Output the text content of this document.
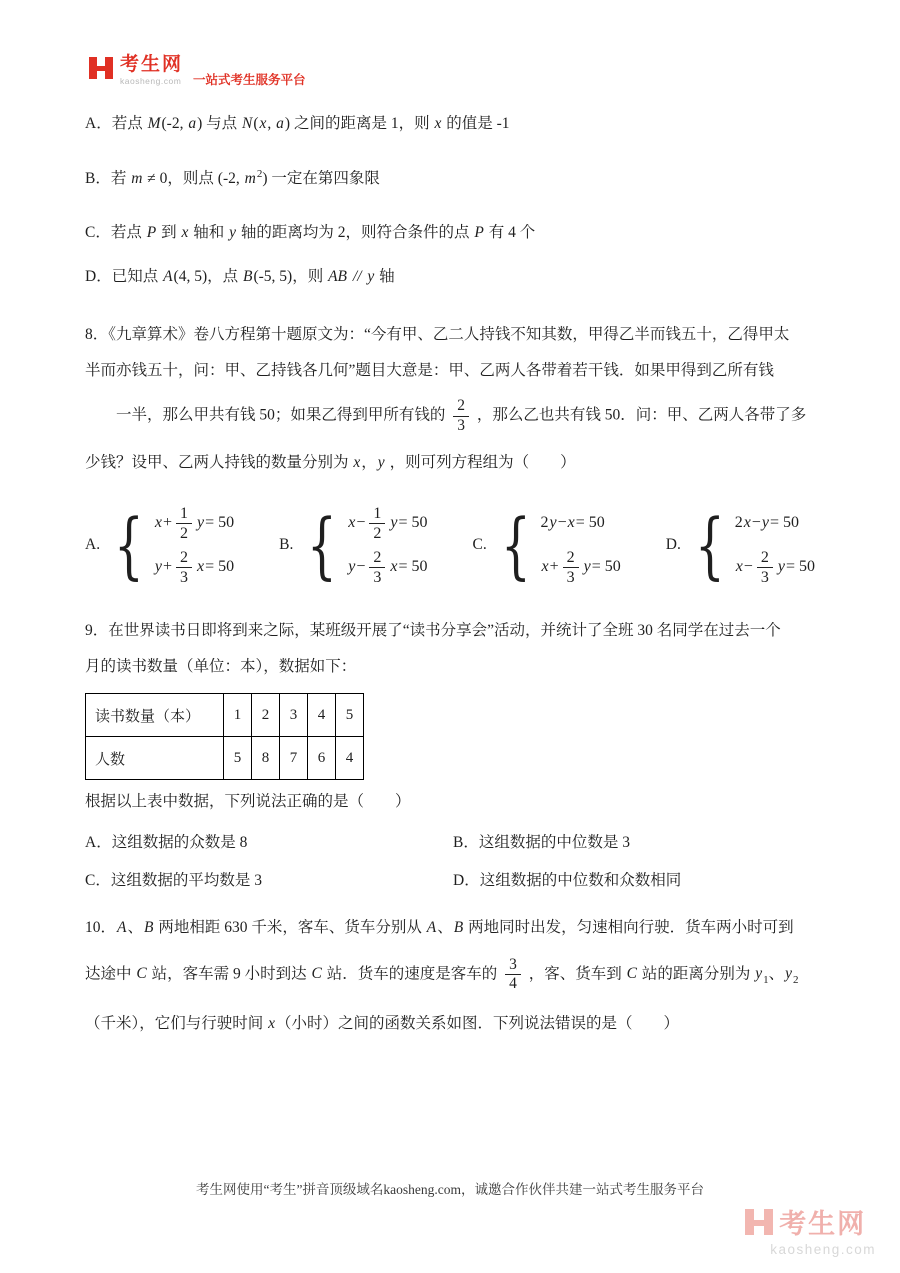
考生网
kaosheng.com 一站式考生服务平台
A．若点 M(-2, a) 与点 N(x, a) 之间的距离是 1，则 x 的值是 -1
B．若 m ≠ 0，则点 (-2, $m^2$) 一定在第四象限
C．若点 P 到 x 轴和 y 轴的距离均为 2，则符合条件的点 P 有 4 个
D．已知点 A(4, 5)，点 B(-5, 5)，则 AB // y 轴
8．《九章算术》卷八方程第十题原文为：“今有甲、乙二人持钱不知其数，甲得乙半而钱五十，乙得甲太
半而亦钱五十，问：甲、乙持钱各几何”题目大意是：甲、乙两人各带着若干钱．如果甲得到乙所有钱
　　一半，那么甲共有钱 50；如果乙得到甲所有钱的 $\frac{2}{3}$ ，那么乙也共有钱 50．问：甲、乙两人各带了多
少钱？设甲、乙两人持钱的数量分别为 x，y ，则可列方程组为（　　）
A.
{
$x + \frac{1}{2}$ y = 50
$y + \frac{2}{3}$ x = 50
B.
{
$x - \frac{1}{2}$ y = 50
$y - \frac{2}{3}$ x = 50
C.
{
2 y − x = 50
$x + \frac{2}{3}$ y = 50
D.
{
2 x − y = 50
$x - \frac{2}{3}$ y = 50
9．在世界读书日即将到来之际，某班级开展了“读书分享会”活动，并统计了全班 30 名同学在过去一个
月的读书数量（单位：本），数据如下：
读书数量（本）	1	2	3	4	5
人数	5	8	7	6	4
根据以上表中数据，下列说法正确的是（　　）
A．这组数据的众数是 8	B．这组数据的中位数是 3
C．这组数据的平均数是 3	D．这组数据的中位数和众数相同
10．A、B 两地相距 630 千米，客车、货车分别从 A、B 两地同时出发，匀速相向行驶．货车两小时可到
达途中 C 站，客车需 9 小时到达 C 站．货车的速度是客车的 $\frac{3}{4}$ ，客、货车到 C 站的距离分别为 $y_1$、$y_2$
（千米），它们与行驶时间 x（小时）之间的函数关系如图．下列说法错误的是（　　）
考生网使用“考生”拼音顶级域名kaosheng.com，诚邀合作伙伴共建一站式考生服务平台
考生网
kaosheng.com
